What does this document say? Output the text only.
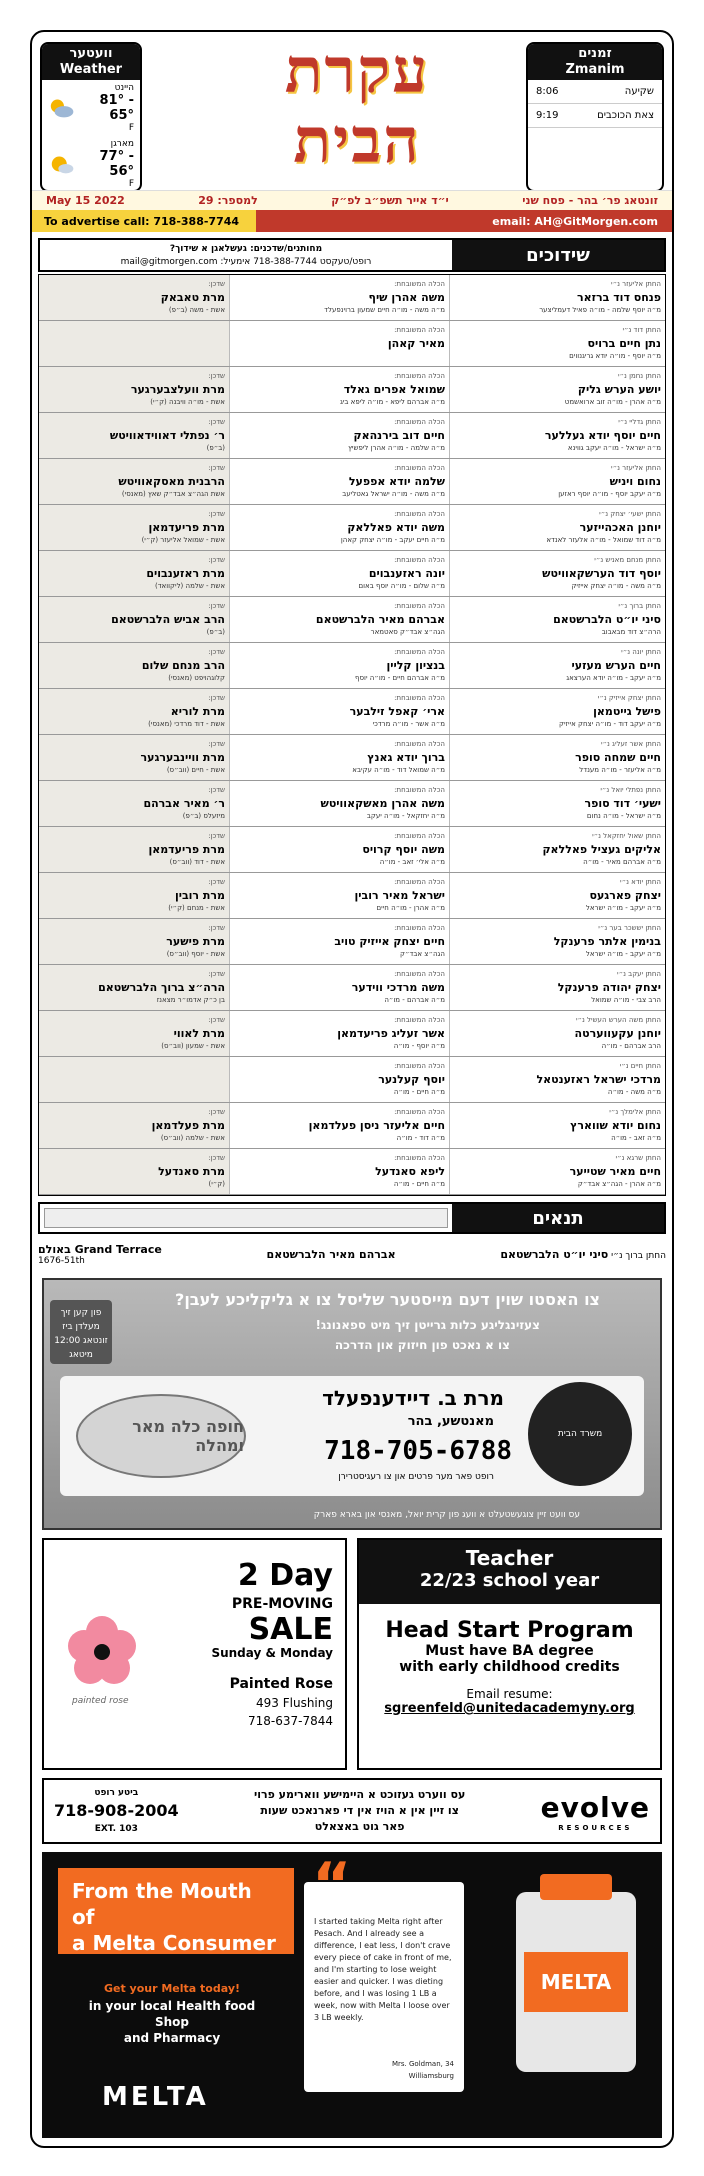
וועטער
Weather
היינט
81° - 65°
F
מארגן
77° - 56°
F
עקרת
הבית
זמנים
Zmanim
8:06	שקיעה
9:19	צאת הכוכבים
May 15 2022	למספר: 29	י״ד אייר תשפ״ב לפ״ק	זונטאג פר׳ בהר - פסח שני
To advertise call: 718-388-7744	email: AH@GitMorgen.com
שידוכים
מחותנים/שדכנים: געשלאגן א שידוך?
רופט/טעקסט 718-388-7744 אימעיל: mail@gitmorgen.com
החתן אליעזר נ״י
פנחס דוד ברזאר
מ״ה יוסף שלמה - מו״ה פאיל דעמליצער
הכלה המשובחת:
משה אהרן שיף
מ״ה משה - מו״ה חיים שמעון ברוינפעלד
שדכן:
מרת טאבאק
אשת - משה (ב״פ)
החתן דוד נ״י
נתן חיים ברויס
מ״ה יוסף - מו״ה יודא גריגנווים
הכלה המשובחת:
מאיר קאהן
החתן נחמן נ״י
יושע הערש גליק
מ״ה אהרן - מו״ה זוב ארואשמט
הכלה המשובחת:
שמואל אפרים גאלד
מ״ה אברהם ליפא - מו״ה ליפא ביג
שדכן:
מרת וועלצבערגער
אשת - מו״ה וויבנה (ק״י)
החתן גדליי נ״י
חיים יוסף יודא געללער
מ״ה ישראל - מו״ה יעקב גווינא
הכלה המשובחת:
חיים דוב בירנהאק
מ״ה שלמה - מו״ה אהרן ליפשיץ
שדכן:
ר׳ נפתלי דאווידאוויטש
(ב״פ)
החתן אליעזר נ״י
נחום ויניש
מ״ה יעקב יוסף - מו״ה יוסף ראזען
הכלה המשובחת:
שלמה יודא אפפעל
מ״ה משה - מו״ה ישראל גאטליעב
שדכן:
הרבנית מאסקאוויטש
אשת הגה״צ אבד״ק שאץ (מאנסי)
החתן ישעי׳ יצחק נ״י
יוחנן האכהייזער
מ״ה דוד שמואל - מו״ה אלעזר לאנדא
הכלה המשובחת:
משה יודא פאללאק
מ״ה חיים יעקב - מו״ה יצחק קאהן
שדכן:
מרת פריעדמאן
אשת - שמואל אליעזר (ק״י)
החתן מנחם מאניש נ״י
יוסף דוד הערשקאוויטש
מ״ה משה - מו״ה יצחק אייזיק
הכלה המשובחת:
יונה ראזענבוים
מ״ה שלום - מו״ה יוסף באום
שדכן:
מרת ראזענבוים
אשת - שלמה (ליקוואד)
החתן ברוך נ״י
סיני יו״ט הלברשטאם
הרה״צ דוד מבאבוב
הכלה המשובחת:
אברהם מאיר הלברשטאם
הגה״צ אבד״ק סאטמאר
שדכן:
הרב אביש הלברשטאם
(ב״פ)
החתן יונה נ״י
חיים הערש מעזעי
מ״ה יעקב - מו״ה יודא הערצאג
הכלה המשובחת:
בנציון קליין
מ״ה אברהם חיים - מו״ה יוסף
שדכן:
הרב מנחם שלום
קלוגהויפט (מאנסי)
החתן יצחק אייזיק נ״י
פישל גייטמאן
מ״ה יעקב דוד - מו״ה יצחק אייזיק
הכלה המשובחת:
ארי׳ קאפל זילבער
מ״ה אשר - מו״ה מרדכי
שדכן:
מרת לוריא
אשת - דוד מרדכי (מאנסי)
החתן אשר זעליג נ״י
חיים שמחה סופר
מ״ה אליעזר - מו״ה מענדל
הכלה המשובחת:
ברוך יודא גאנץ
מ״ה שמואל דוד - מו״ה עקיבא
שדכן:
מרת וויינבערגער
אשת - חיים (ווב״ס)
החתן נפתלי יואל נ״י
ישעי׳ דוד סופר
מ״ה ישראל - מו״ה נחום
הכלה המשובחת:
משה אהרן מאשקאוויטש
מ״ה יחזקאל - מו״ה יעקב
שדכן:
ר׳ מאיר אברהם
מיזעלס (ב״פ)
החתן שאול יחזקאל נ״י
אליקים געציל פאללאק
מ״ה אברהם מאיר - מו״ה
הכלה המשובחת:
משה יוסף קרויס
מ״ה אלי׳ זאב - מו״ה
שדכן:
מרת פריעדמאן
אשת - דוד (ווב״ס)
החתן יודא נ״י
יצחק פארגעס
מ״ה יעקב - מו״ה ישראל
הכלה המשובחת:
ישראל מאיר רובין
מ״ה אהרן - מו״ה חיים
שדכן:
מרת רובין
אשת - מנחם (ק״י)
החתן יששכר בער נ״י
בנימין אלתר פרענקל
מ״ה יעקב - מו״ה ישראל
הכלה המשובחת:
חיים יצחק אייזיק טויב
הגה״צ אבד״ק
שדכן:
מרת פישער
אשת - יוסף (ווב״ס)
החתן יעקב נ״י
יצחק יהודה פרענקל
הרב צבי - מו״ה שמואל
הכלה המשובחת:
משה מרדכי ווידער
מ״ה אברהם - מו״ה
שדכן:
הרה״צ ברוך הלברשטאם
בן כ״ק אדמו״ר מצאנז
החתן משה הערש העשיל נ״י
יוחנן עקעווערטה
הרב אברהם - מו״ה
הכלה המשובחת:
אשר זעליג פריעדמאן
מ״ה יוסף - מו״ה
שדכן:
מרת לאווי
אשת - שמעון (ווב״ס)
החתן חיים נ״י
מרדכי ישראל ראזענטאל
מ״ה משה - מו״ה
הכלה המשובחת:
יוסף קעלנער
מ״ה חיים - מו״ה
החתן אלימלך נ״י
נחום יודא שווארץ
מ״ה זאב - מו״ה
הכלה המשובחת:
חיים אליעזר ניסן פעלדמאן
מ״ה דוד - מו״ה
שדכן:
מרת פעלדמאן
אשת - שלמה (ווב״ס)
החתן שרגא נ״י
חיים מאיר שטייער
מ״ה אהרן - הגה״צ אבד״ק
הכלה המשובחת:
ליפא סאנדעל
מ״ה חיים - מו״ה
שדכן:
מרת סאנדעל
(ק״י)
תנאים
החתן ברוך נ״י סיני יו״ט הלברשטאם
אברהם מאיר הלברשטאם
באולם Grand Terrace
1676-51th
צו האסטו שוין דעם מייסטער שליסל צו א גליקליכע לעבן?
צעזינגליגע כלות גרייטן זיך מיט ספאנונג!
צו א נאכט פון חיזוק און הדרכה
פון קען זיך
מעלדן ביז
זונטאג 12:00
מיטאג
משרד הבית
מרת ב. דיידענפעלד
מאנטשע, בהר
718-705-6788
רופט פאר מער פרטים און צו רעגיסטרירן
חופה כלה מאר ומהלה
עס וועט זיין צוגעשטעלט א וועג פון קרית יואל, מאנסי און בארא פארק
2 Day
PRE-MOVING
SALE
Sunday & Monday
Painted Rose
493 Flushing
718-637-7844
painted rose
Teacher
22/23 school year
Head Start Program
Must have BA degree
with early childhood credits
Email resume:
sgreenfeld@unitedacademyny.org
ביטע רופט
718-908-2004
EXT. 103
עס ווערט געזוכט א היימישע ווארימע פרוי
צו זיין אין א הויז אין די פארנאכט שעות
פאר גוט באצאלט
evolve
RESOURCES
From the Mouth of
a Melta Consumer
Get your Melta today!
in your local Health food Shop
and Pharmacy
MELTA
I started taking Melta right after Pesach. And I already see a difference, I eat less, I don't crave every piece of cake in front of me, and I'm starting to lose weight easier and quicker. I was dieting before, and I was losing 1 LB a week, now with Melta I loose over 3 LB weekly.
Mrs. Goldman, 34
Williamsburg
“
MELTA
